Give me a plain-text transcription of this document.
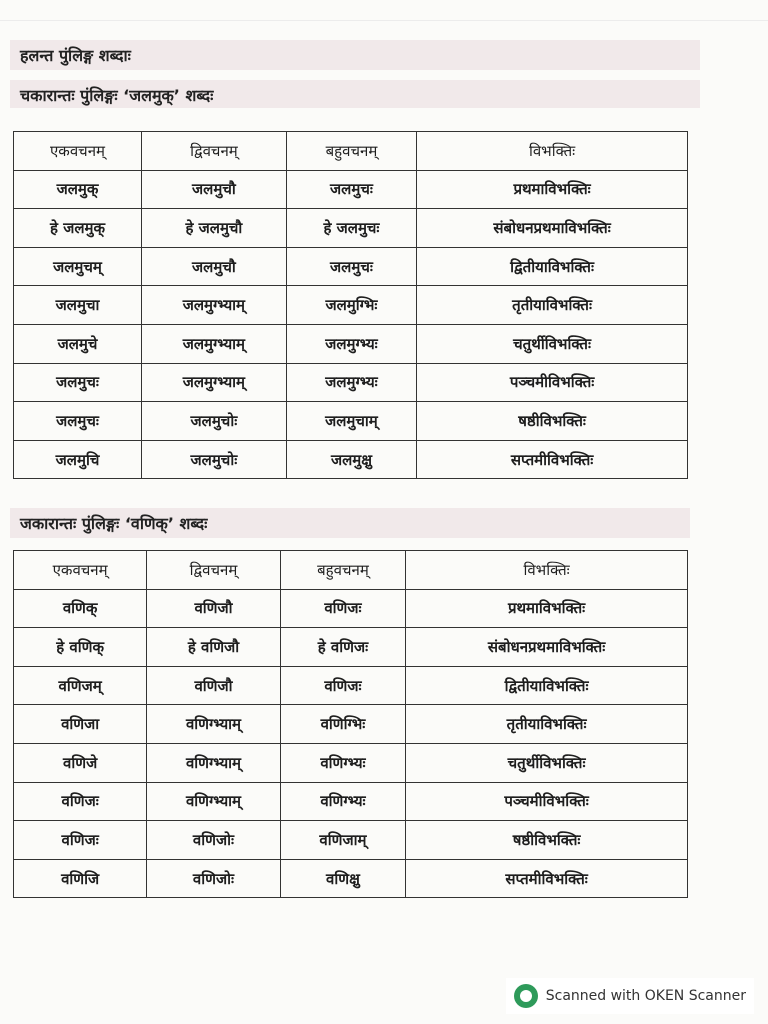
हलन्त पुंलिङ्ग शब्दाः
चकारान्तः पुंलिङ्गः ‘जलमुक्’ शब्दः
एकवचनम्	द्विवचनम्	बहुवचनम्	विभक्तिः
जलमुक्	जलमुचौ	जलमुचः	प्रथमाविभक्तिः
हे जलमुक्	हे जलमुचौ	हे जलमुचः	संबोधनप्रथमाविभक्तिः
जलमुचम्	जलमुचौ	जलमुचः	द्वितीयाविभक्तिः
जलमुचा	जलमुग्भ्याम्	जलमुग्भिः	तृतीयाविभक्तिः
जलमुचे	जलमुग्भ्याम्	जलमुग्भ्यः	चतुर्थीविभक्तिः
जलमुचः	जलमुग्भ्याम्	जलमुग्भ्यः	पञ्चमीविभक्तिः
जलमुचः	जलमुचोः	जलमुचाम्	षष्ठीविभक्तिः
जलमुचि	जलमुचोः	जलमुक्षु	सप्तमीविभक्तिः
जकारान्तः पुंलिङ्गः ‘वणिक्’ शब्दः
एकवचनम्	द्विवचनम्	बहुवचनम्	विभक्तिः
वणिक्	वणिजौ	वणिजः	प्रथमाविभक्तिः
हे वणिक्	हे वणिजौ	हे वणिजः	संबोधनप्रथमाविभक्तिः
वणिजम्	वणिजौ	वणिजः	द्वितीयाविभक्तिः
वणिजा	वणिग्भ्याम्	वणिग्भिः	तृतीयाविभक्तिः
वणिजे	वणिग्भ्याम्	वणिग्भ्यः	चतुर्थीविभक्तिः
वणिजः	वणिग्भ्याम्	वणिग्भ्यः	पञ्चमीविभक्तिः
वणिजः	वणिजोः	वणिजाम्	षष्ठीविभक्तिः
वणिजि	वणिजोः	वणिक्षु	सप्तमीविभक्तिः
Scanned with OKEN Scanner
